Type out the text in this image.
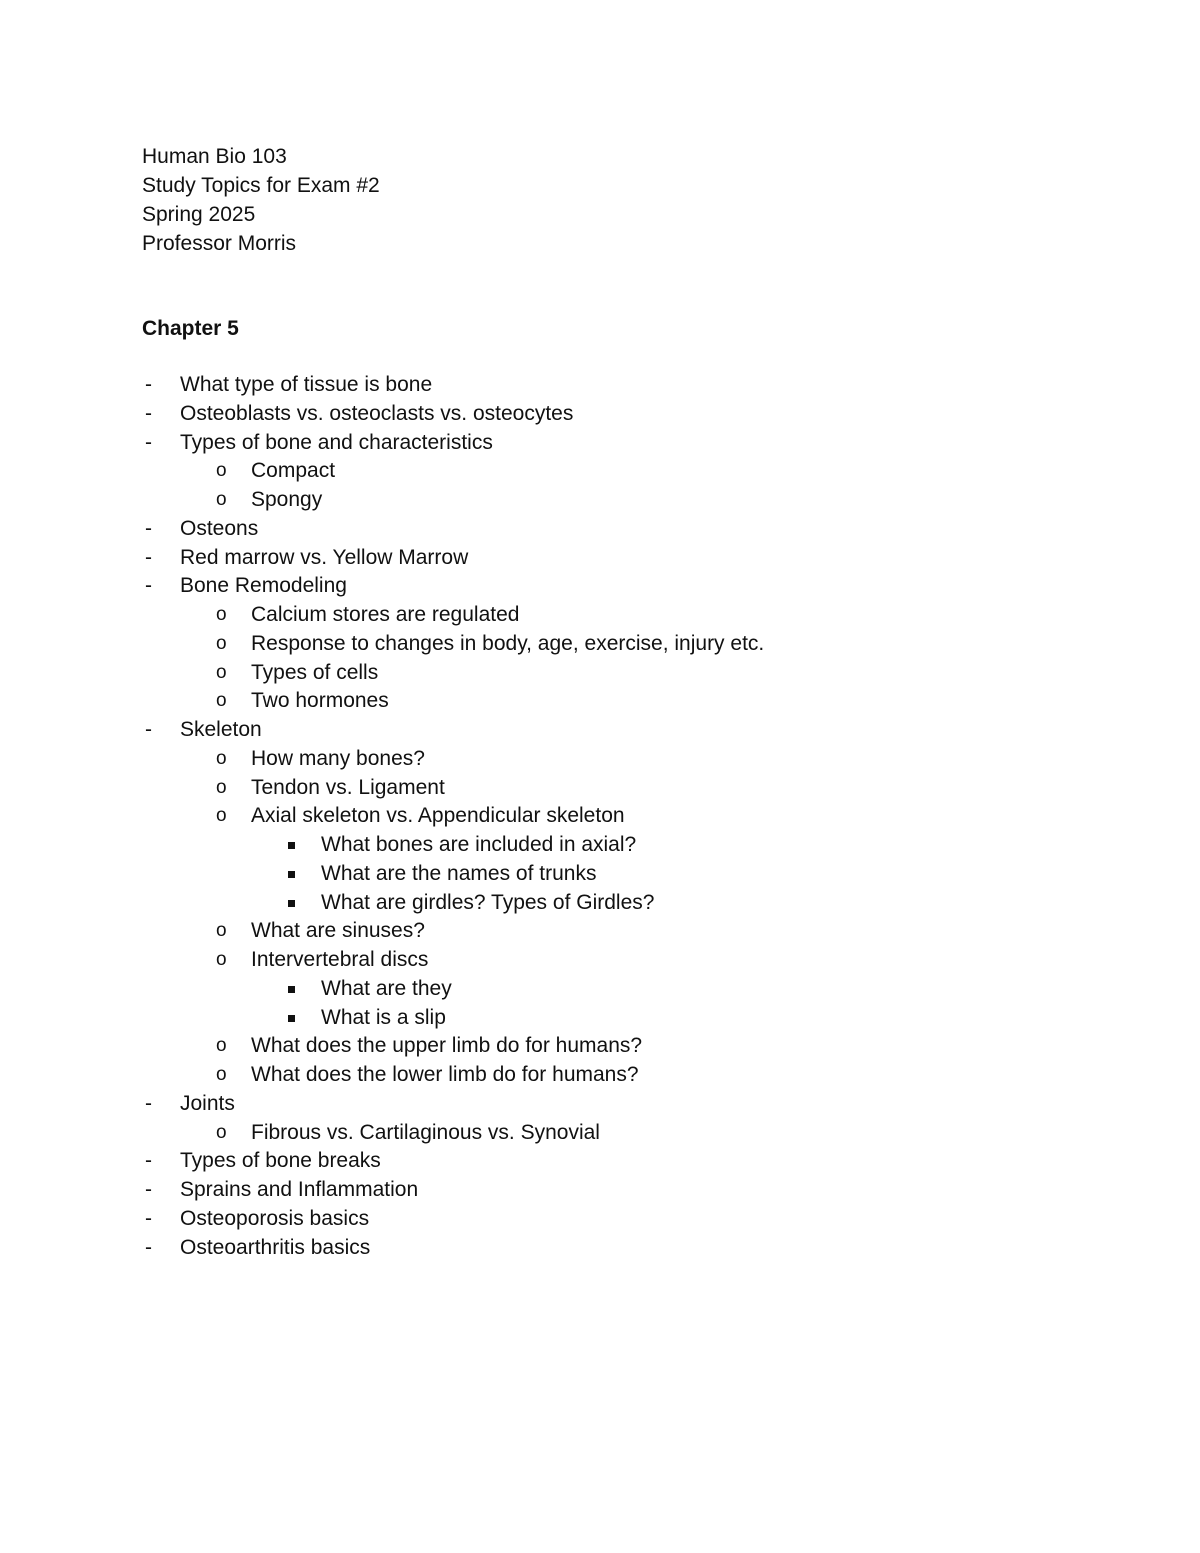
Human Bio 103
Study Topics for Exam #2
Spring 2025
Professor Morris
Chapter 5
- What type of tissue is bone
- Osteoblasts vs. osteoclasts vs. osteocytes
- Types of bone and characteristics
o Compact
o Spongy
- Osteons
- Red marrow vs. Yellow Marrow
- Bone Remodeling
o Calcium stores are regulated
o Response to changes in body, age, exercise, injury etc.
o Types of cells
o Two hormones
- Skeleton
o How many bones?
o Tendon vs. Ligament
o Axial skeleton vs. Appendicular skeleton
What bones are included in axial?
What are the names of trunks
What are girdles? Types of Girdles?
o What are sinuses?
o Intervertebral discs
What are they
What is a slip
o What does the upper limb do for humans?
o What does the lower limb do for humans?
- Joints
o Fibrous vs. Cartilaginous vs. Synovial
- Types of bone breaks
- Sprains and Inflammation
- Osteoporosis basics
- Osteoarthritis basics
